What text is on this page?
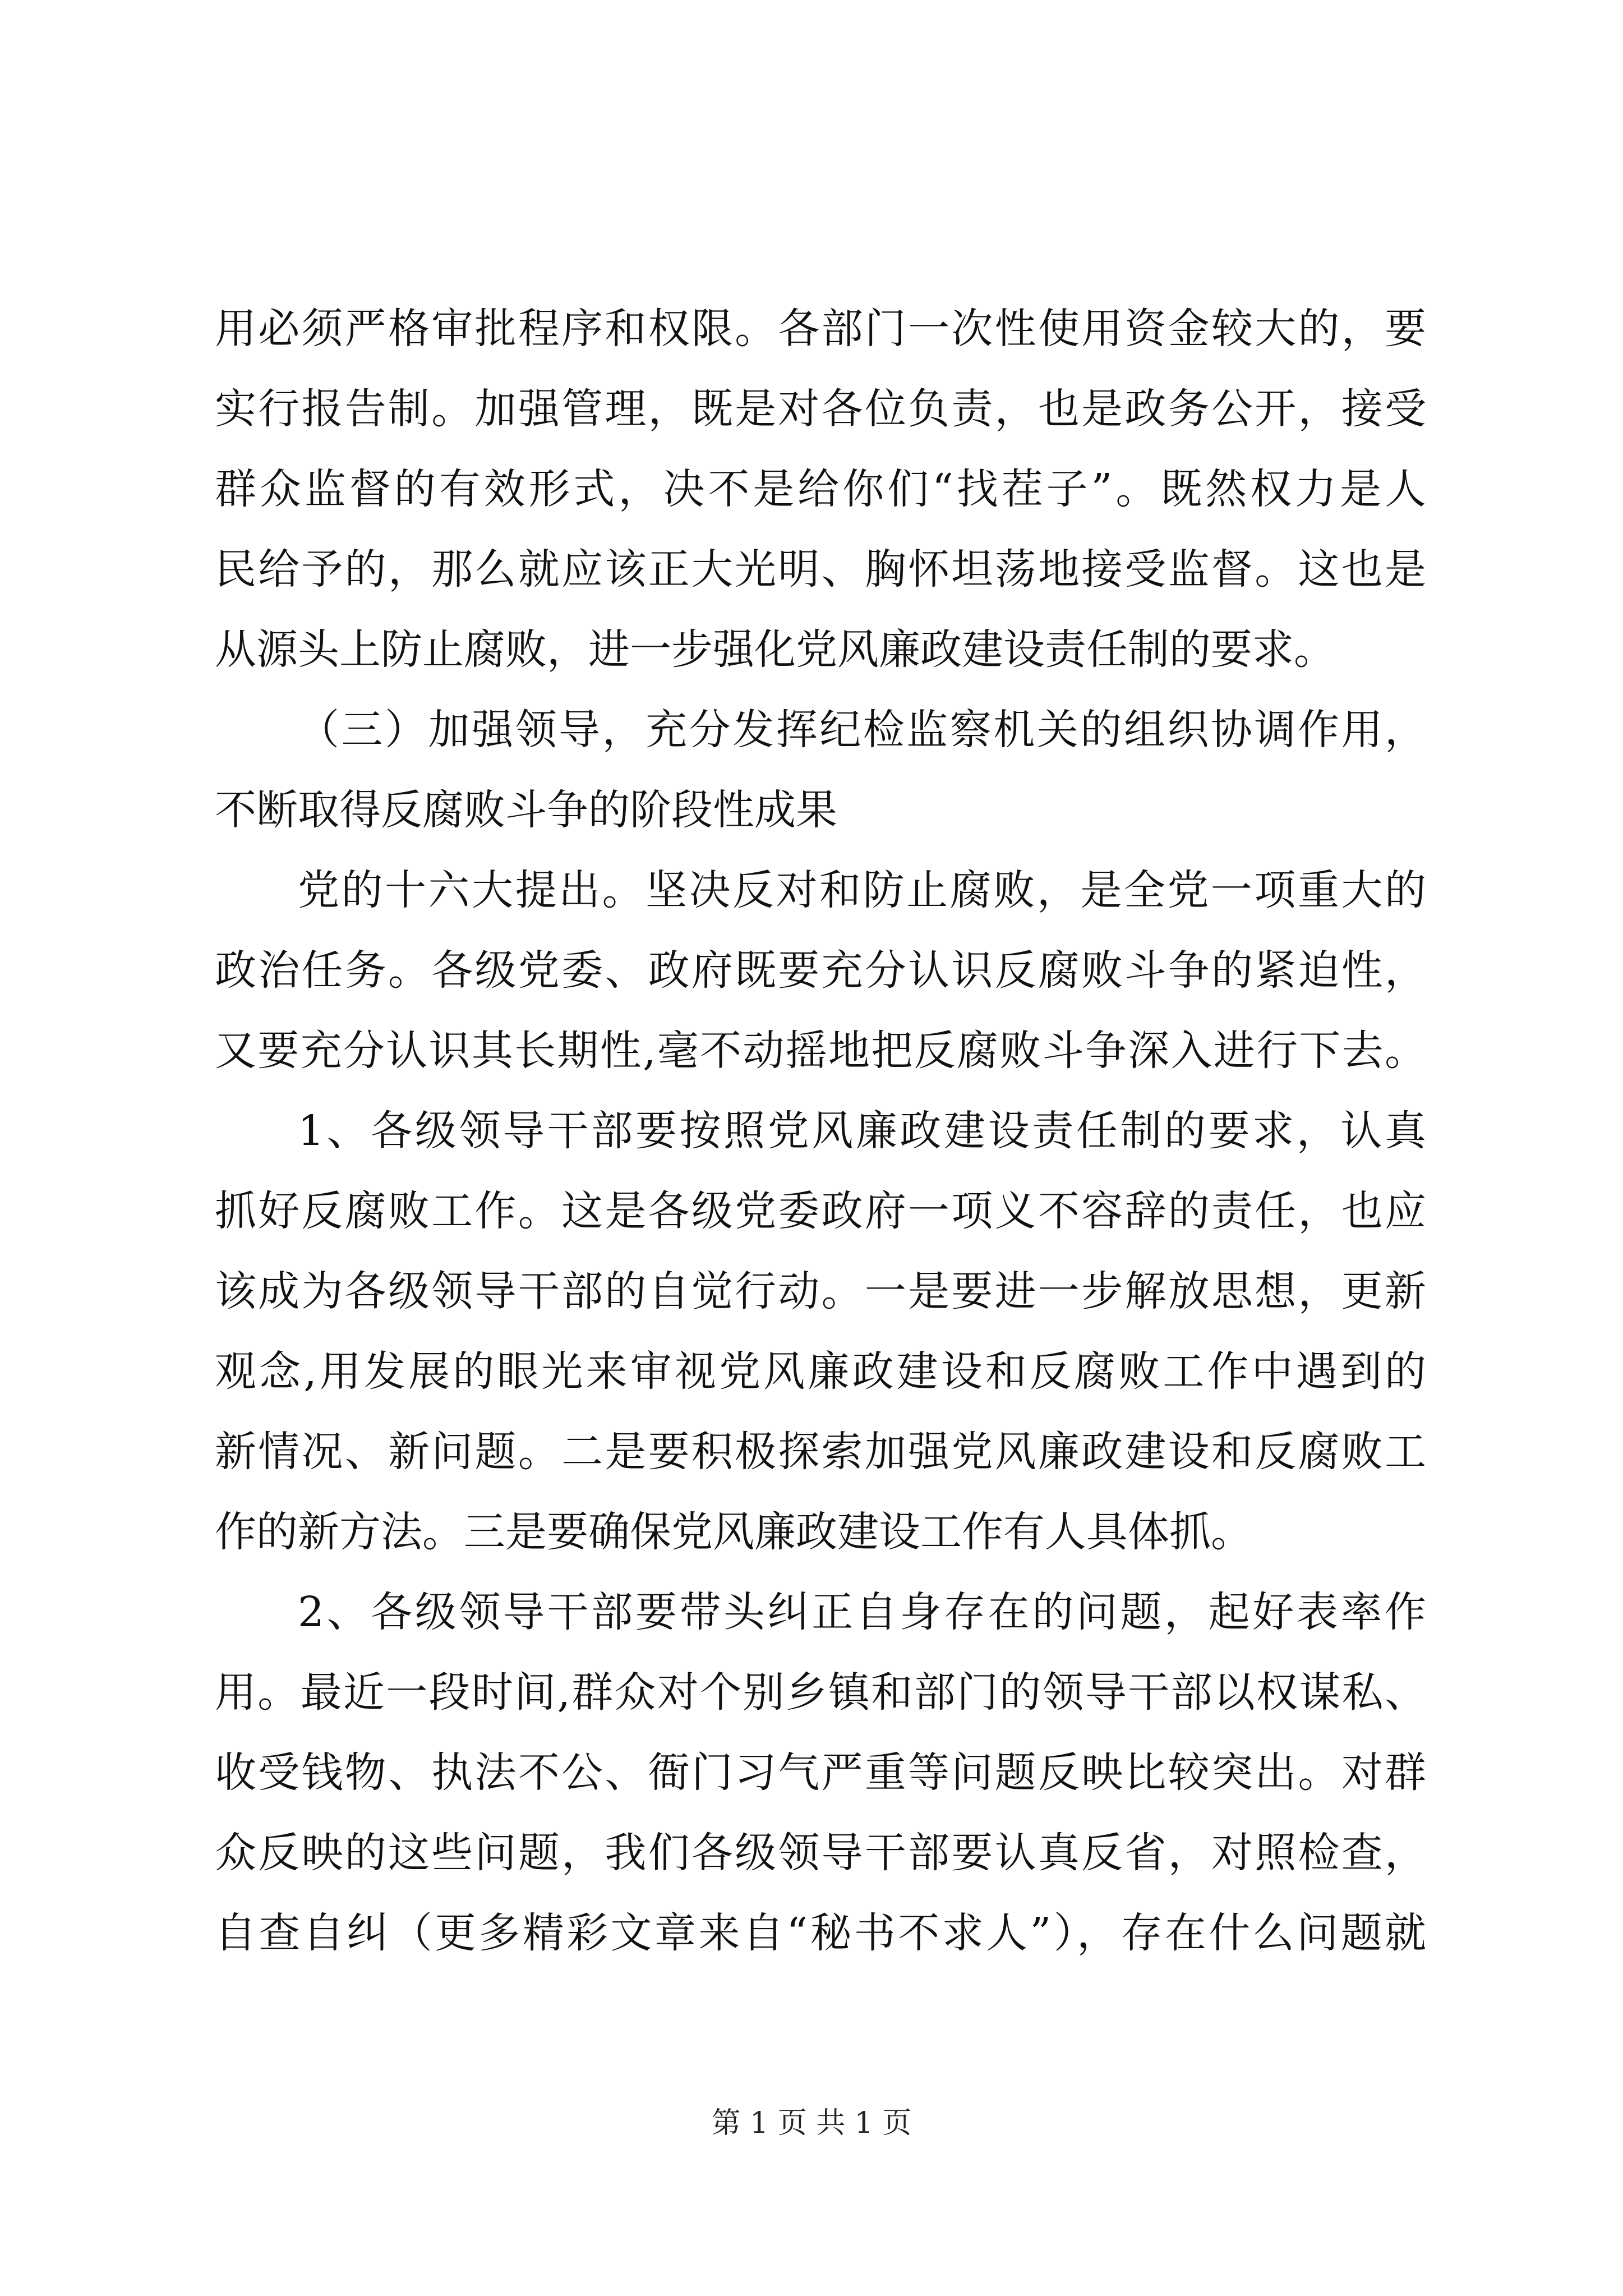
用必须严格审批程序和权限。各部门一次性使用资金较大的，要
实行报告制。加强管理，既是对各位负责，也是政务公开，接受
群众监督的有效形式，决不是给你们“找茬子”。既然权力是人
民给予的，那么就应该正大光明、胸怀坦荡地接受监督。这也是
从源头上防止腐败，进一步强化党风廉政建设责任制的要求。
（三）加强领导，充分发挥纪检监察机关的组织协调作用，
不断取得反腐败斗争的阶段性成果
党的十六大提出。坚决反对和防止腐败，是全党一项重大的
政治任务。各级党委、政府既要充分认识反腐败斗争的紧迫性，
又要充分认识其长期性,毫不动摇地把反腐败斗争深入进行下去。
1、各级领导干部要按照党风廉政建设责任制的要求，认真
抓好反腐败工作。这是各级党委政府一项义不容辞的责任，也应
该成为各级领导干部的自觉行动。一是要进一步解放思想，更新
观念,用发展的眼光来审视党风廉政建设和反腐败工作中遇到的
新情况、新问题。二是要积极探索加强党风廉政建设和反腐败工
作的新方法。三是要确保党风廉政建设工作有人具体抓。
2、各级领导干部要带头纠正自身存在的问题，起好表率作
用。最近一段时间,群众对个别乡镇和部门的领导干部以权谋私、
收受钱物、执法不公、衙门习气严重等问题反映比较突出。对群
众反映的这些问题，我们各级领导干部要认真反省，对照检查，
自查自纠（更多精彩文章来自“秘书不求人”），存在什么问题就
第 1 页 共 1 页
